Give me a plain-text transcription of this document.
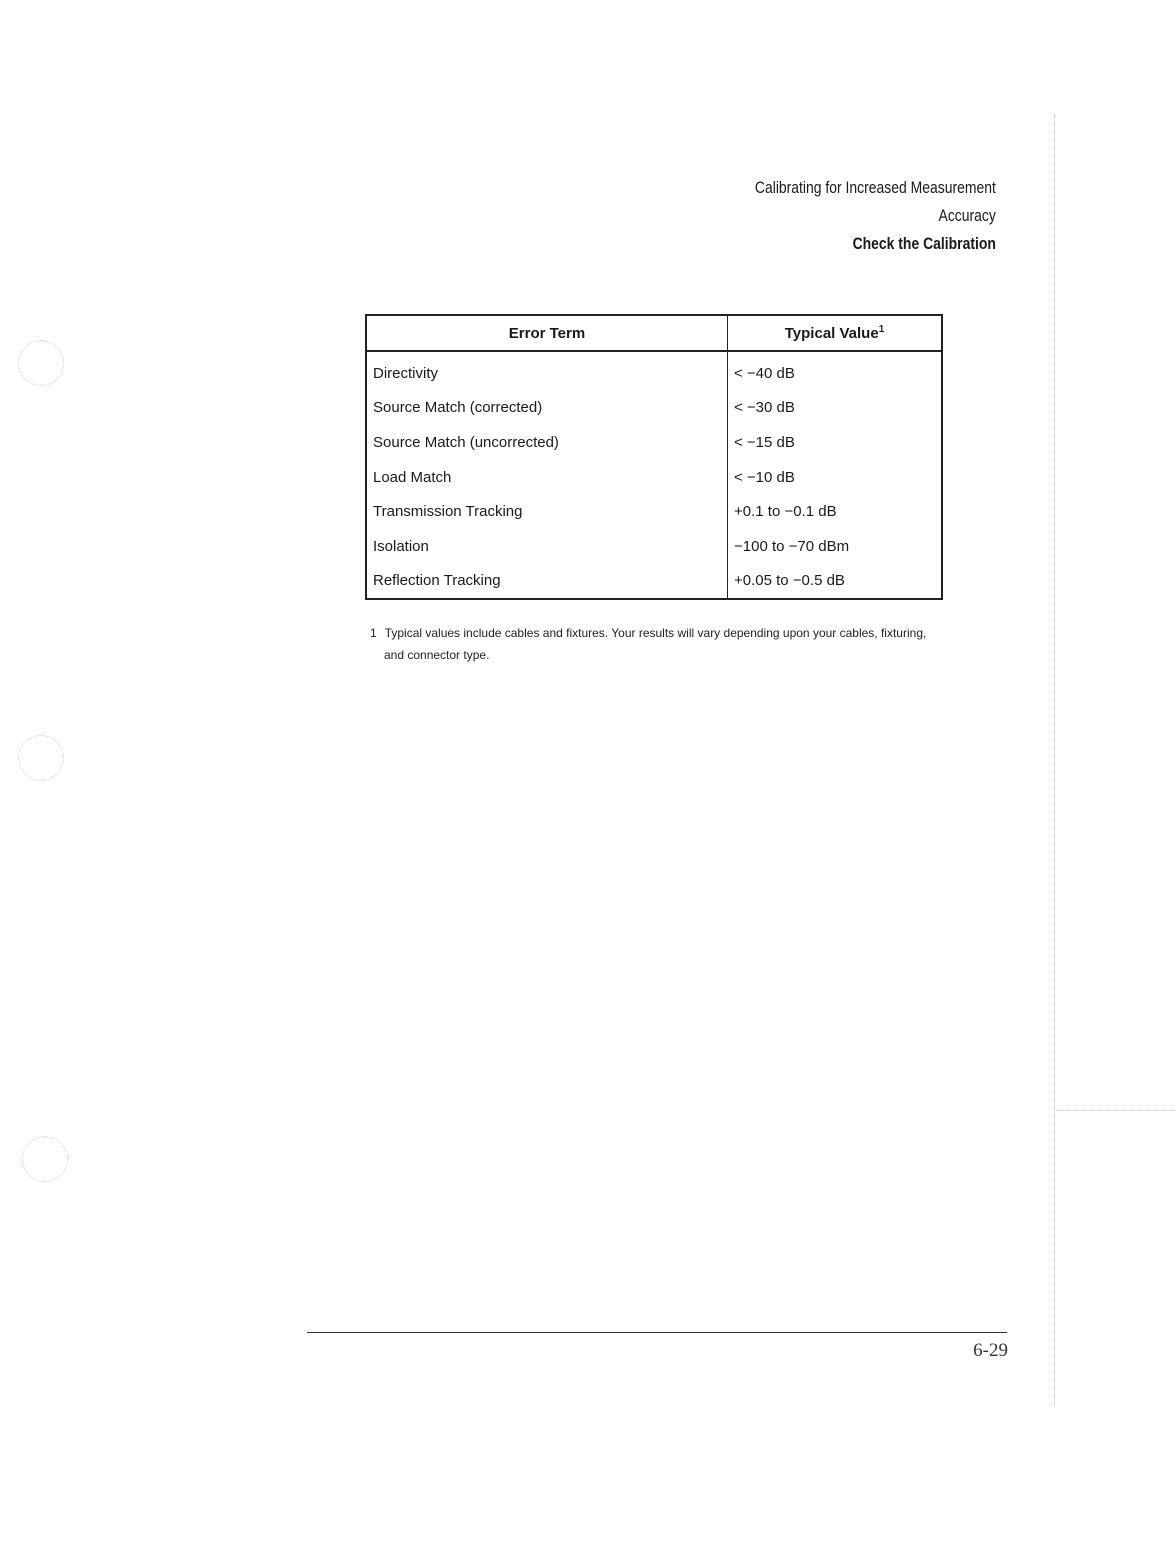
Calibrating for Increased Measurement
Accuracy
Check the Calibration
Error Term	Typical Value$^1$
Directivity	< −40 dB
Source Match (corrected)	< −30 dB
Source Match (uncorrected)	< −15 dB
Load Match	< −10 dB
Transmission Tracking	+0.1 to −0.1 dB
Isolation	−100 to −70 dBm
Reflection Tracking	+0.05 to −0.5 dB
1 Typical values include cables and fixtures. Your results will vary depending upon your cables, fixturing,
and connector type.
6-29
